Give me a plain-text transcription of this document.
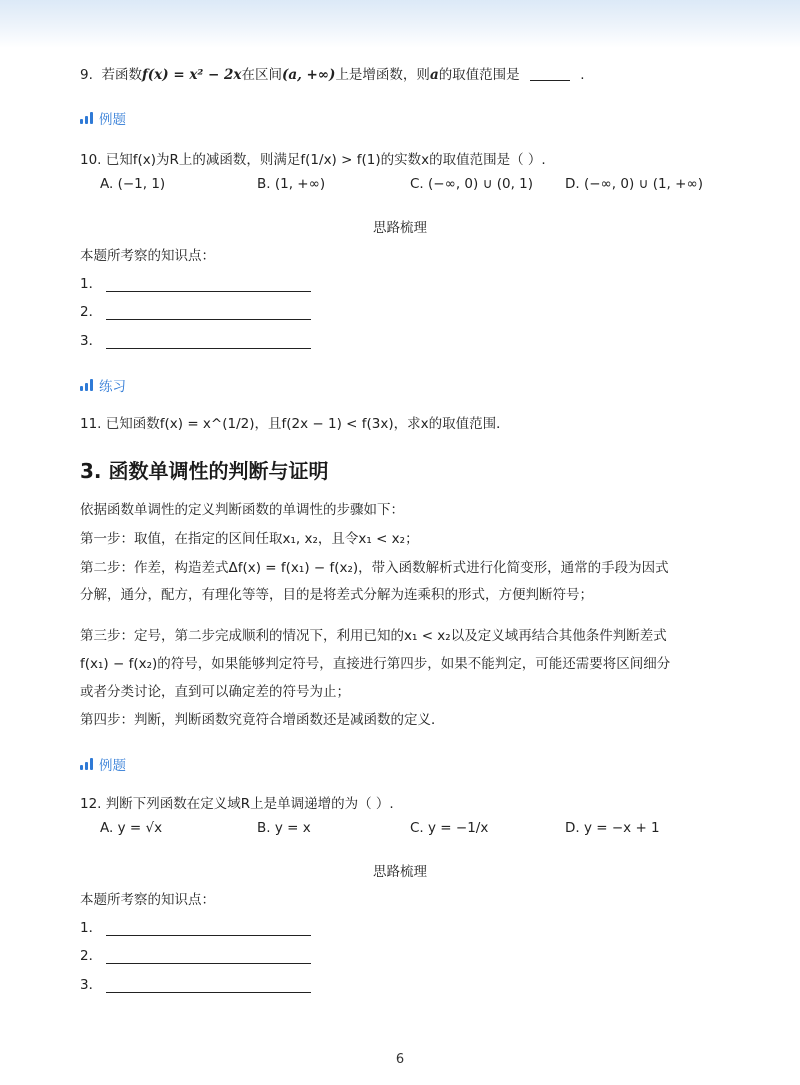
9. 若函数f(x) = x² − 2x在区间(a, +∞)上是增函数，则a的取值范围是	.
例题
10. 已知f(x)为R上的减函数，则满足f(1/x) > f(1)的实数x的取值范围是（ ）.
A. (−1, 1)	B. (1, +∞)	C. (−∞, 0) ∪ (0, 1) D. (−∞, 0) ∪ (1, +∞)
思路梳理
本题所考察的知识点：
1．
2．
3．
练习
11. 已知函数f(x) = x^(1/2)，且f(2x − 1) < f(3x)，求x的取值范围．
3. 函数单调性的判断与证明
依据函数单调性的定义判断函数的单调性的步骤如下：
第一步：取值，在指定的区间任取x₁, x₂，且令x₁ < x₂；
第二步：作差，构造差式Δf(x) = f(x₁) − f(x₂)，带入函数解析式进行化简变形，通常的手段为因式
分解，通分，配方，有理化等等，目的是将差式分解为连乘积的形式，方便判断符号；
第三步：定号，第二步完成顺利的情况下，利用已知的x₁ < x₂以及定义域再结合其他条件判断差式
f(x₁) − f(x₂)的符号，如果能够判定符号，直接进行第四步，如果不能判定，可能还需要将区间细分
或者分类讨论，直到可以确定差的符号为止；
第四步：判断，判断函数究竟符合增函数还是减函数的定义．
例题
12. 判断下列函数在定义域R上是单调递增的为（ ）.
A. y = √x	B. y = x	C. y = −1/x	D. y = −x + 1
思路梳理
本题所考察的知识点：
1．
2．
3．
6
